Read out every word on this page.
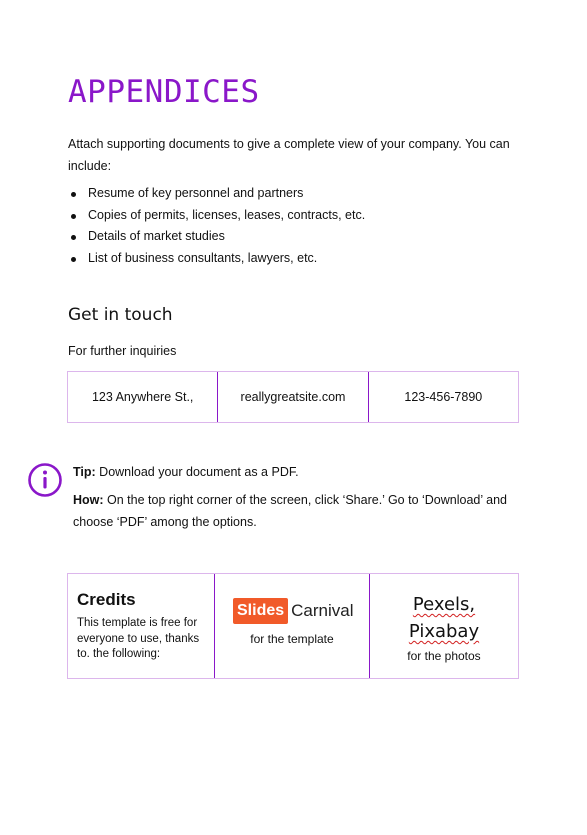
APPENDICES

Attach supporting documents to give a complete view of your company. You can include:

Resume of key personnel and partners
Copies of permits, licenses, leases, contracts, etc.
Details of market studies
List of business consultants, lawyers, etc.
Get in touch
For further inquiries
123 Anywhere St.,	reallygreatsite.com	123-456-7890
Tip: Download your document as a PDF.
How: On the top right corner of the screen, click ‘Share.’ Go to ‘Download’ and choose ‘PDF’ among the options.
Credits
This template is free for everyone to use, thanks to. the following:
Slides Carnival
for the template
Pexels,
Pixabay
for the photos
